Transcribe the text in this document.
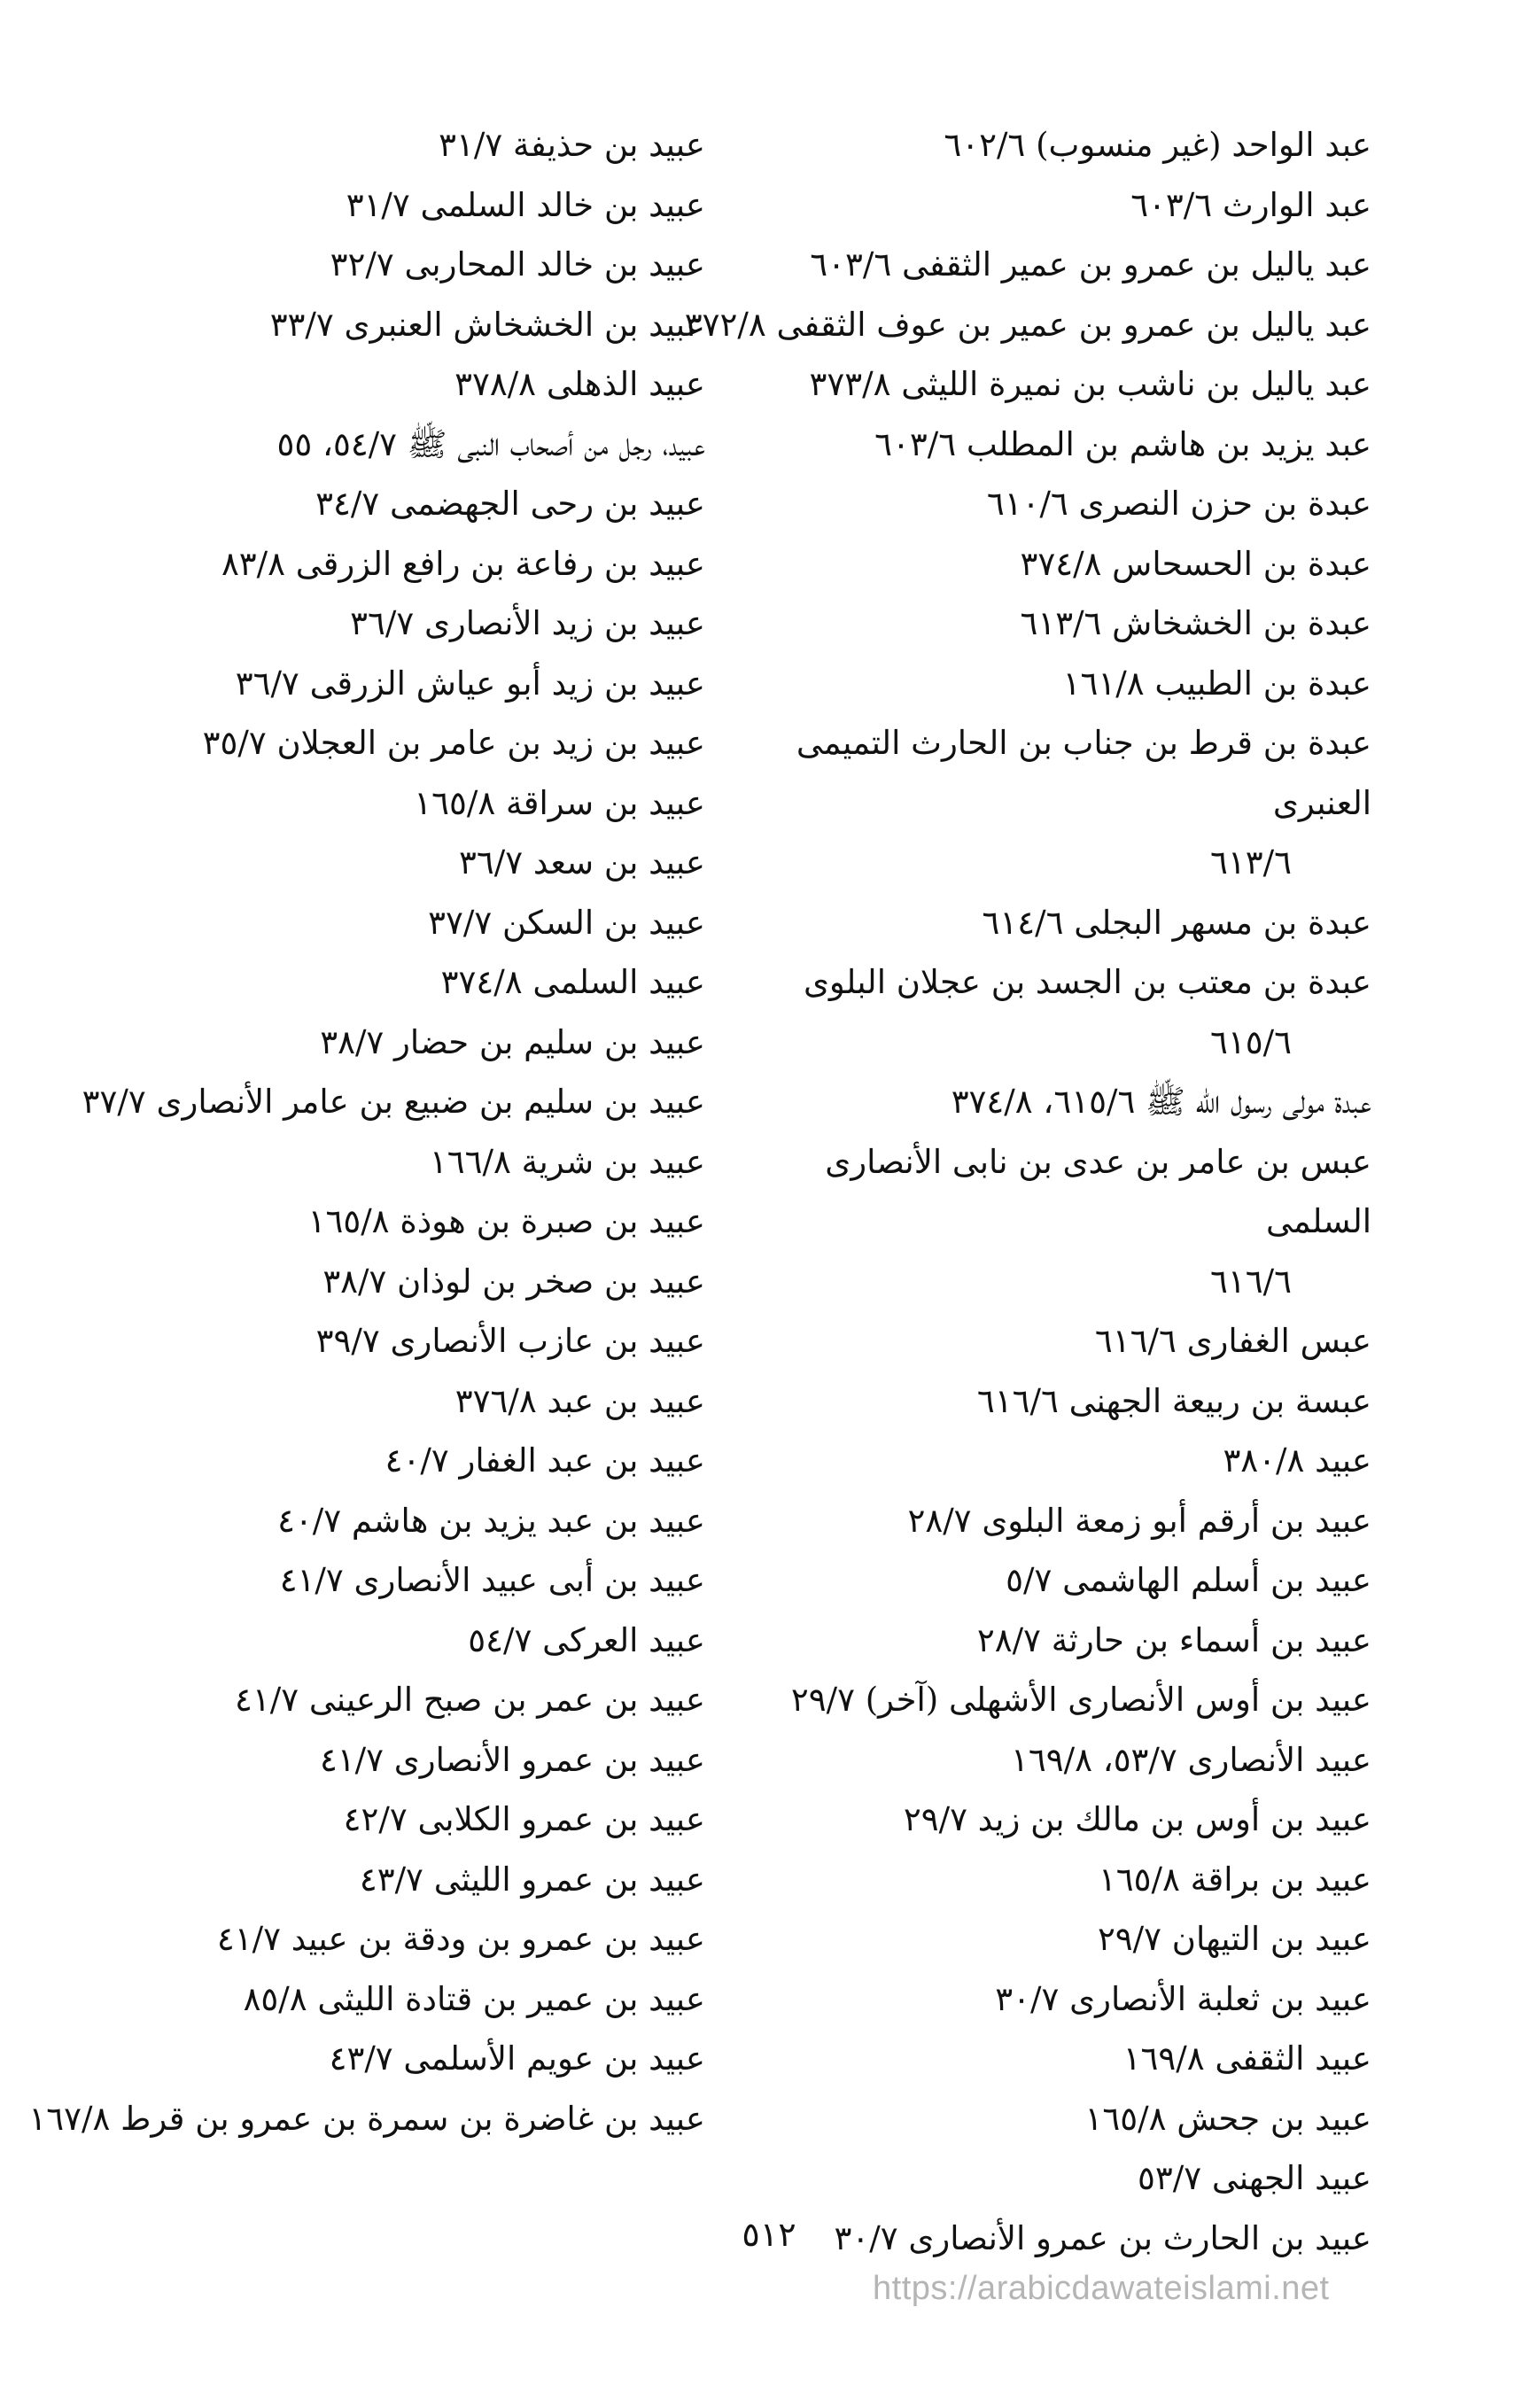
عبد الواحد (غير منسوب) ٦٠٢/٦
عبد الوارث ٦٠٣/٦
عبد ياليل بن عمرو بن عمير الثقفى ٦٠٣/٦
عبد ياليل بن عمرو بن عمير بن عوف الثقفى ٣٧٢/٨
عبد ياليل بن ناشب بن نميرة الليثى ٣٧٣/٨
عبد يزيد بن هاشم بن المطلب ٦٠٣/٦
عبدة بن حزن النصرى ٦١٠/٦
عبدة بن الحسحاس ٣٧٤/٨
عبدة بن الخشخاش ٦١٣/٦
عبدة بن الطبيب ١٦١/٨
عبدة بن قرط بن جناب بن الحارث التميمى العنبرى
٦١٣/٦
عبدة بن مسهر البجلى ٦١٤/٦
عبدة بن معتب بن الجسد بن عجلان البلوى
٦١٥/٦
عبدة مولى رسول الله ﷺ ٦١٥/٦، ٣٧٤/٨
عبس بن عامر بن عدى بن نابى الأنصارى السلمى
٦١٦/٦
عبس الغفارى ٦١٦/٦
عبسة بن ربيعة الجهنى ٦١٦/٦
عبيد ٣٨٠/٨
عبيد بن أرقم أبو زمعة البلوى ٢٨/٧
عبيد بن أسلم الهاشمى ٥/٧
عبيد بن أسماء بن حارثة ٢٨/٧
عبيد بن أوس الأنصارى الأشهلى (آخر) ٢٩/٧
عبيد الأنصارى ٥٣/٧، ١٦٩/٨
عبيد بن أوس بن مالك بن زيد ٢٩/٧
عبيد بن براقة ١٦٥/٨
عبيد بن التيهان ٢٩/٧
عبيد بن ثعلبة الأنصارى ٣٠/٧
عبيد الثقفى ١٦٩/٨
عبيد بن جحش ١٦٥/٨
عبيد الجهنى ٥٣/٧
عبيد بن الحارث بن عمرو الأنصارى ٣٠/٧
عبيد بن حذيفة ٣١/٧
عبيد بن خالد السلمى ٣١/٧
عبيد بن خالد المحاربى ٣٢/٧
عبيد بن الخشخاش العنبرى ٣٣/٧
عبيد الذهلى ٣٧٨/٨
عبيد، رجل من أصحاب النبى ﷺ ٥٤/٧، ٥٥
عبيد بن رحى الجهضمى ٣٤/٧
عبيد بن رفاعة بن رافع الزرقى ٨٣/٨
عبيد بن زيد الأنصارى ٣٦/٧
عبيد بن زيد أبو عياش الزرقى ٣٦/٧
عبيد بن زيد بن عامر بن العجلان ٣٥/٧
عبيد بن سراقة ١٦٥/٨
عبيد بن سعد ٣٦/٧
عبيد بن السكن ٣٧/٧
عبيد السلمى ٣٧٤/٨
عبيد بن سليم بن حضار ٣٨/٧
عبيد بن سليم بن ضبيع بن عامر الأنصارى ٣٧/٧
عبيد بن شرية ١٦٦/٨
عبيد بن صبرة بن هوذة ١٦٥/٨
عبيد بن صخر بن لوذان ٣٨/٧
عبيد بن عازب الأنصارى ٣٩/٧
عبيد بن عبد ٣٧٦/٨
عبيد بن عبد الغفار ٤٠/٧
عبيد بن عبد يزيد بن هاشم ٤٠/٧
عبيد بن أبى عبيد الأنصارى ٤١/٧
عبيد العركى ٥٤/٧
عبيد بن عمر بن صبح الرعينى ٤١/٧
عبيد بن عمرو الأنصارى ٤١/٧
عبيد بن عمرو الكلابى ٤٢/٧
عبيد بن عمرو الليثى ٤٣/٧
عبيد بن عمرو بن ودقة بن عبيد ٤١/٧
عبيد بن عمير بن قتادة الليثى ٨٥/٨
عبيد بن عويم الأسلمى ٤٣/٧
عبيد بن غاضرة بن سمرة بن عمرو بن قرط ١٦٧/٨
٥١٢
https://arabicdawateislami.net
